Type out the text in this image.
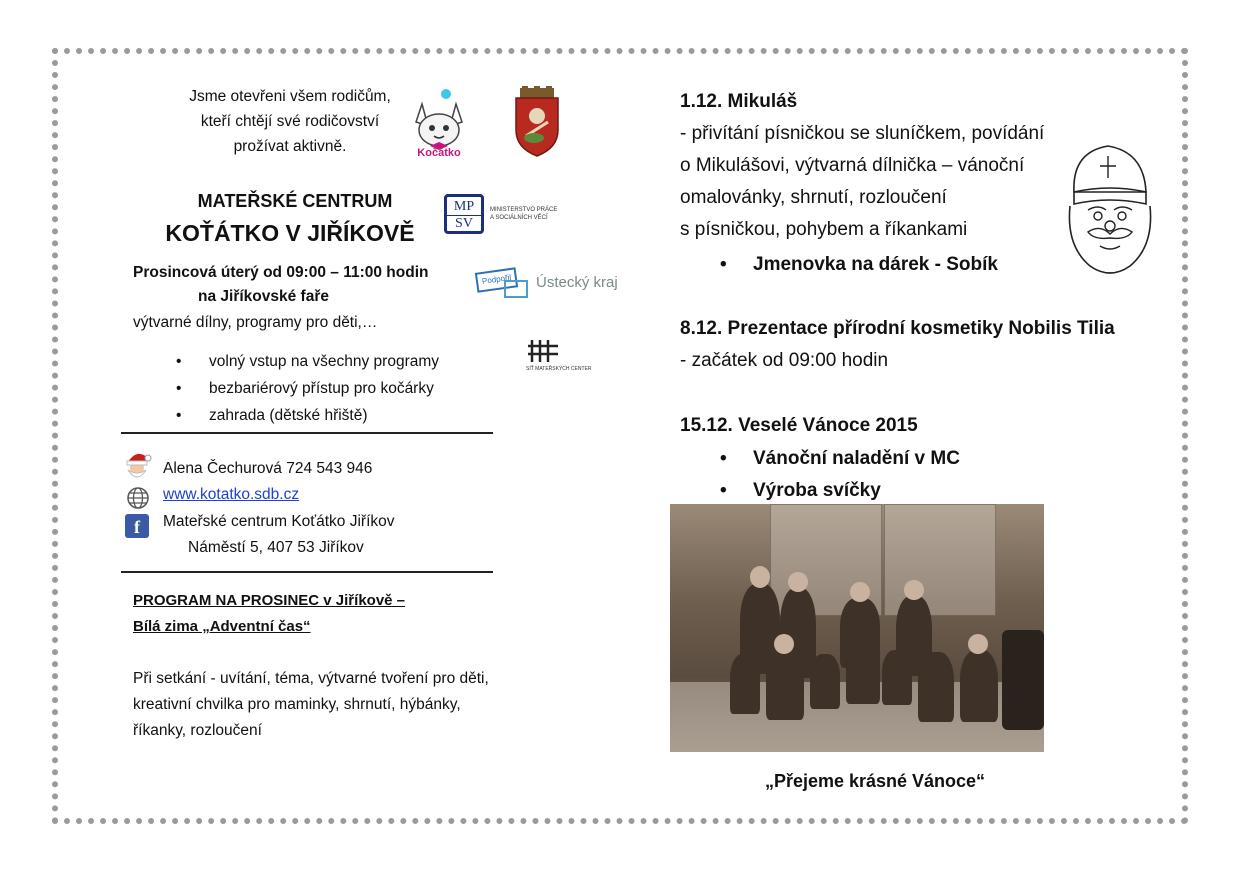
Jsme otevřeni všem rodičům,
kteří chtějí své rodičovství
prožívat aktivně.	Kočátko
MATEŘSKÉ CENTRUM
KOŤÁTKO V JIŘÍKOVĚ
MP
SV
MINISTERSTVO PRÁCE
A SOCIÁLNÍCH VĚCÍ
Prosincová úterý od 09:00 – 11:00 hodin
na Jiříkovské faře
Podpořil	Ústecký kraj
výtvarné dílny, programy pro děti,…
• volný vstup na všechny programy
• bezbariérový přístup pro kočárky
• zahrada (dětské hřiště)
SÍŤ MATEŘSKÝCH CENTER
Alena Čechurová 724 543 946
www.kotatko.sdb.cz
f	Mateřské centrum Koťátko Jiříkov
Náměstí 5, 407 53 Jiříkov
PROGRAM NA PROSINEC v Jiříkově –
Bílá zima „Adventní čas“
Při setkání - uvítání, téma, výtvarné tvoření pro děti,
kreativní chvilka pro maminky, shrnutí, hýbánky,
říkanky, rozloučení
1.12. Mikuláš
- přivítání písničkou se sluníčkem, povídání
o Mikulášovi, výtvarná dílnička – vánoční
omalovánky, shrnutí, rozloučení
s písničkou, pohybem a říkankami
• Jmenovka na dárek - Sobík
8.12. Prezentace přírodní kosmetiky Nobilis Tilia
- začátek od 09:00 hodin
15.12. Veselé Vánoce 2015
• Vánoční naladění v MC
• Výroba svíčky
„Přejeme krásné Vánoce“
